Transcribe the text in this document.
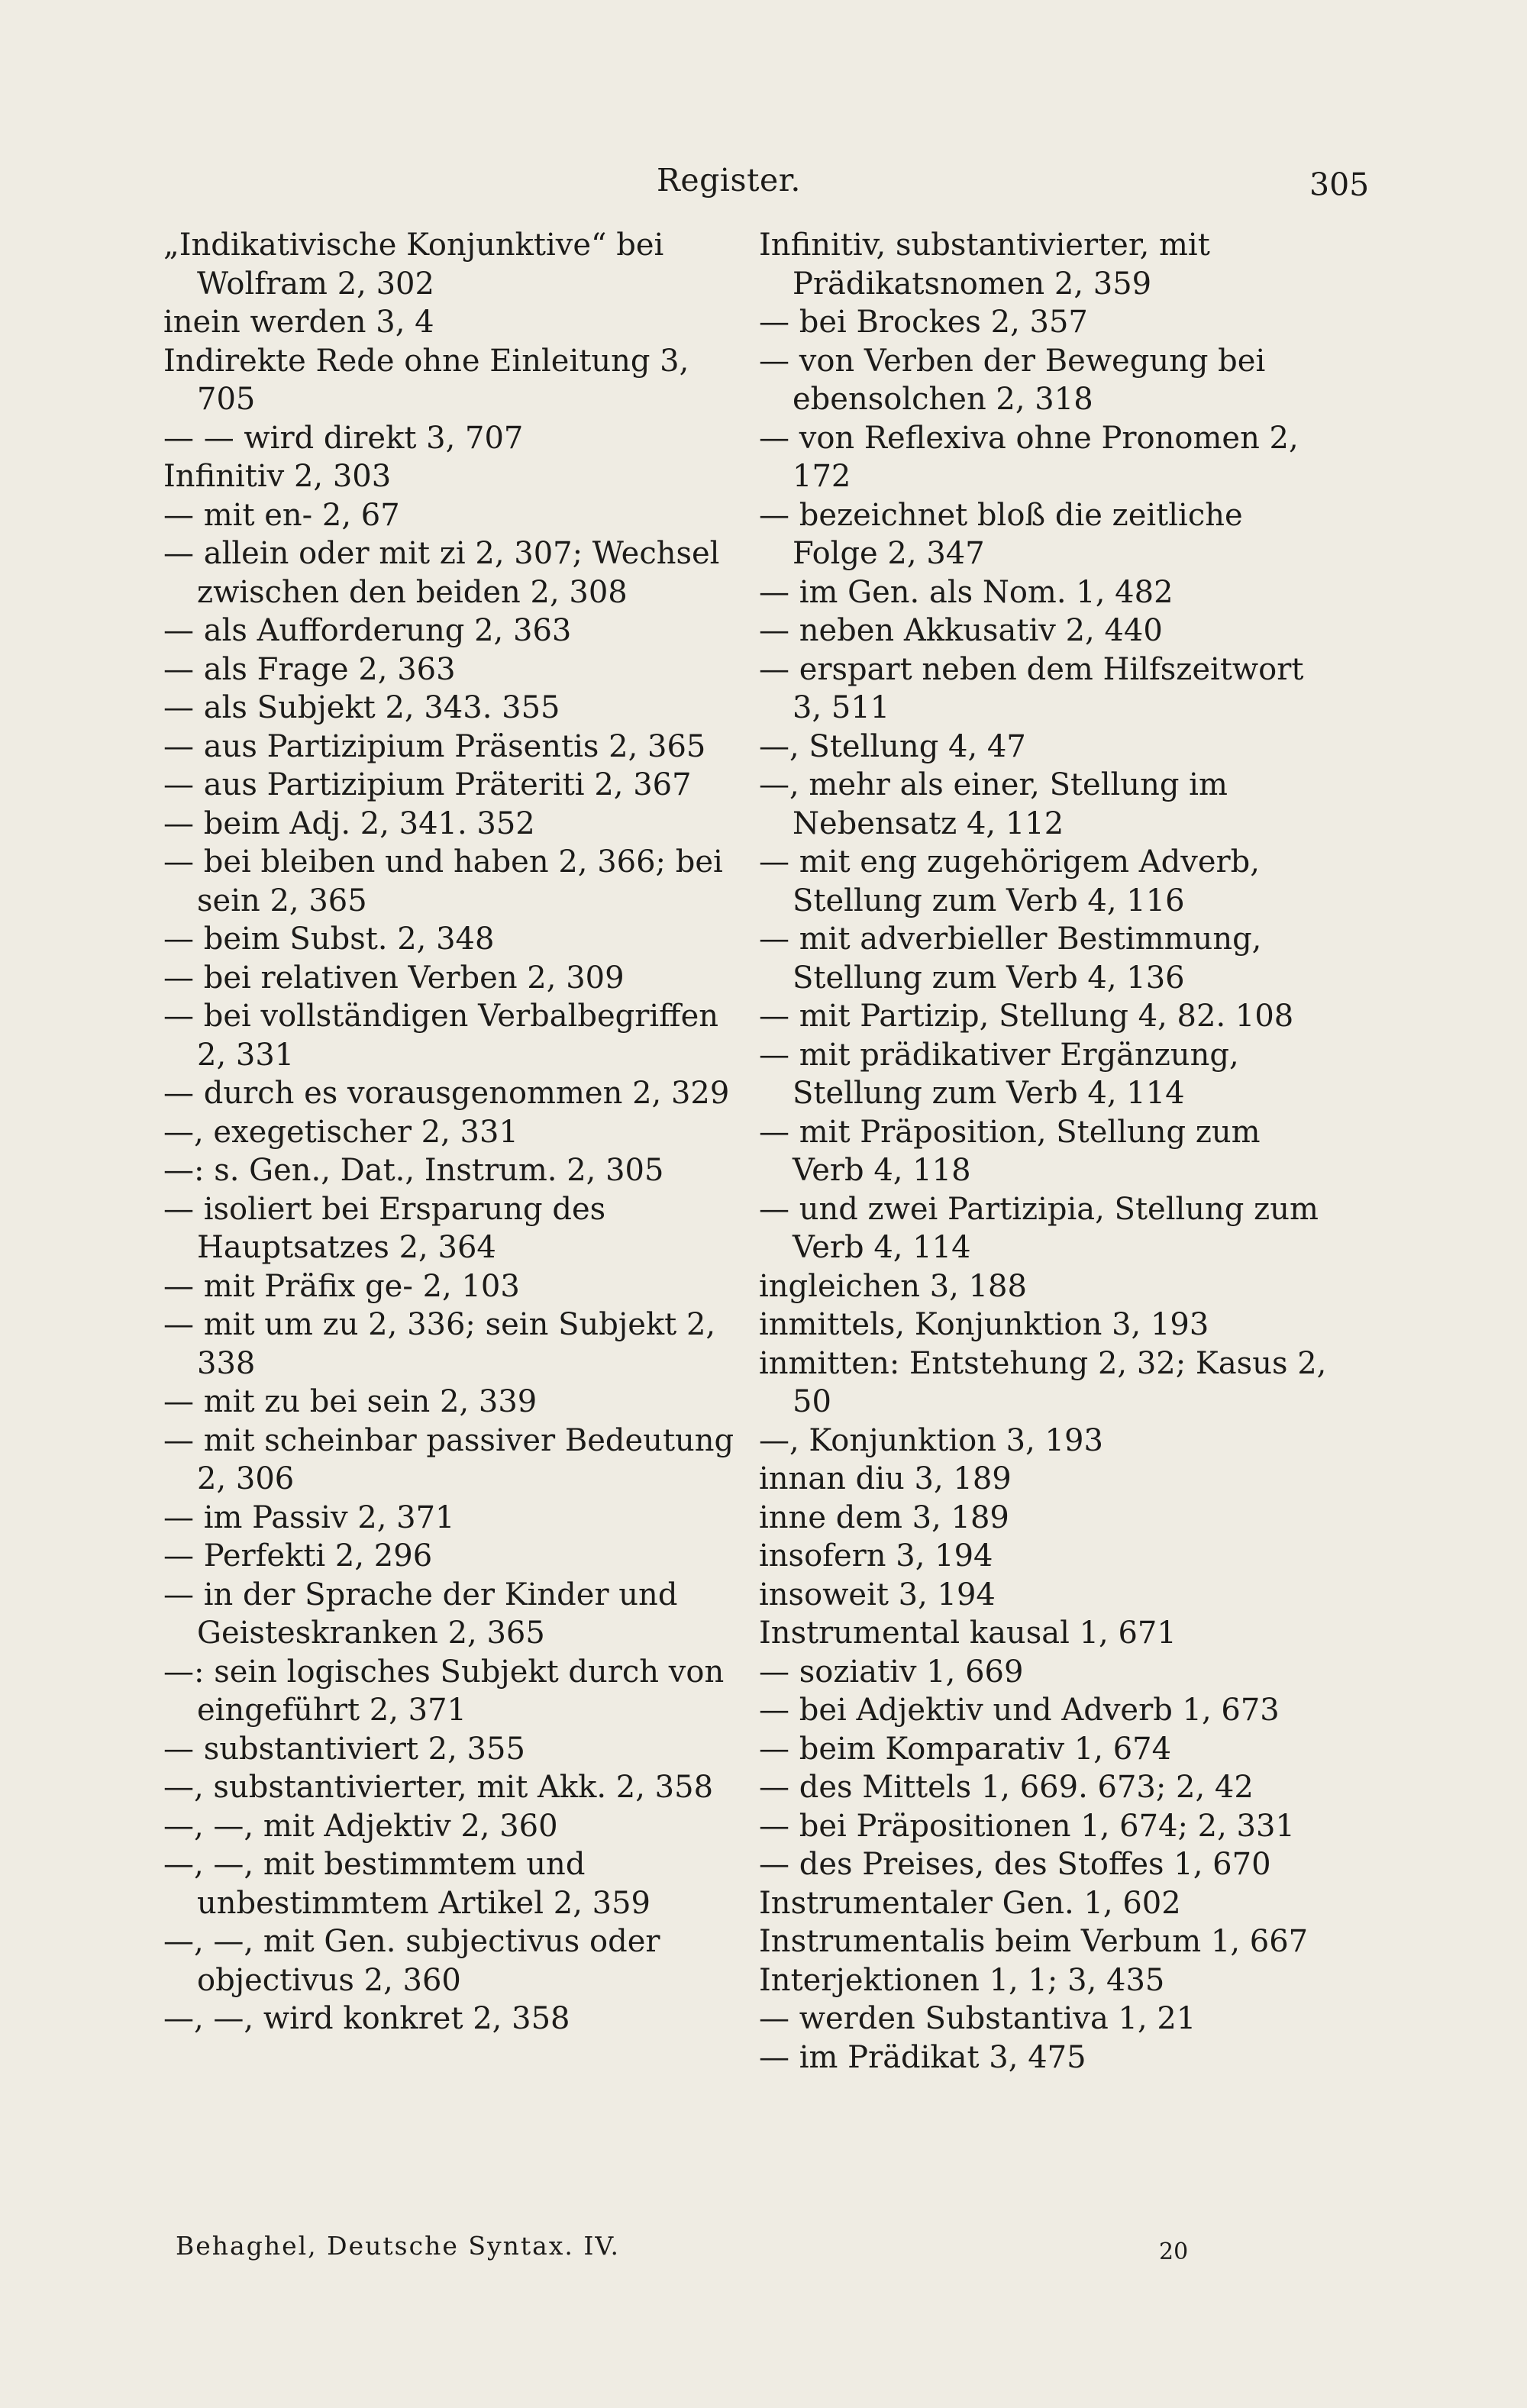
Register.	305
„Indikativische Konjunktive“ bei Wolfram 2, 302
inein werden 3, 4
Indirekte Rede ohne Einleitung 3, 705
— — wird direkt 3, 707
Infinitiv 2, 303
— mit en- 2, 67
— allein oder mit zi 2, 307; Wechsel zwischen den beiden 2, 308
— als Aufforderung 2, 363
— als Frage 2, 363
— als Subjekt 2, 343. 355
— aus Partizipium Präsentis 2, 365
— aus Partizipium Präteriti 2, 367
— beim Adj. 2, 341. 352
— bei bleiben und haben 2, 366; bei sein 2, 365
— beim Subst. 2, 348
— bei relativen Verben 2, 309
— bei vollständigen Verbalbegriffen 2, 331
— durch es vorausgenommen 2, 329
—, exegetischer 2, 331
—: s. Gen., Dat., Instrum. 2, 305
— isoliert bei Ersparung des Hauptsatzes 2, 364
— mit Präfix ge- 2, 103
— mit um zu 2, 336; sein Subjekt 2, 338
— mit zu bei sein 2, 339
— mit scheinbar passiver Bedeutung 2, 306
— im Passiv 2, 371
— Perfekti 2, 296
— in der Sprache der Kinder und Geisteskranken 2, 365
—: sein logisches Subjekt durch von eingeführt 2, 371
— substantiviert 2, 355
—, substantivierter, mit Akk. 2, 358
—, —, mit Adjektiv 2, 360
—, —, mit bestimmtem und unbestimmtem Artikel 2, 359
—, —, mit Gen. subjectivus oder objectivus 2, 360
—, —, wird konkret 2, 358
Infinitiv, substantivierter, mit Prädikatsnomen 2, 359
— bei Brockes 2, 357
— von Verben der Bewegung bei ebensolchen 2, 318
— von Reflexiva ohne Pronomen 2, 172
— bezeichnet bloß die zeitliche Folge 2, 347
— im Gen. als Nom. 1, 482
— neben Akkusativ 2, 440
— erspart neben dem Hilfszeitwort 3, 511
—, Stellung 4, 47
—, mehr als einer, Stellung im Nebensatz 4, 112
— mit eng zugehörigem Adverb, Stellung zum Verb 4, 116
— mit adverbieller Bestimmung, Stellung zum Verb 4, 136
— mit Partizip, Stellung 4, 82. 108
— mit prädikativer Ergänzung, Stellung zum Verb 4, 114
— mit Präposition, Stellung zum Verb 4, 118
— und zwei Partizipia, Stellung zum Verb 4, 114
ingleichen 3, 188
inmittels, Konjunktion 3, 193
inmitten: Entstehung 2, 32; Kasus 2, 50
—, Konjunktion 3, 193
innan diu 3, 189
inne dem 3, 189
insofern 3, 194
insoweit 3, 194
Instrumental kausal 1, 671
— soziativ 1, 669
— bei Adjektiv und Adverb 1, 673
— beim Komparativ 1, 674
— des Mittels 1, 669. 673; 2, 42
— bei Präpositionen 1, 674; 2, 331
— des Preises, des Stoffes 1, 670
Instrumentaler Gen. 1, 602
Instrumentalis beim Verbum 1, 667
Interjektionen 1, 1; 3, 435
— werden Substantiva 1, 21
— im Prädikat 3, 475
Behaghel, Deutsche Syntax. IV.	20
